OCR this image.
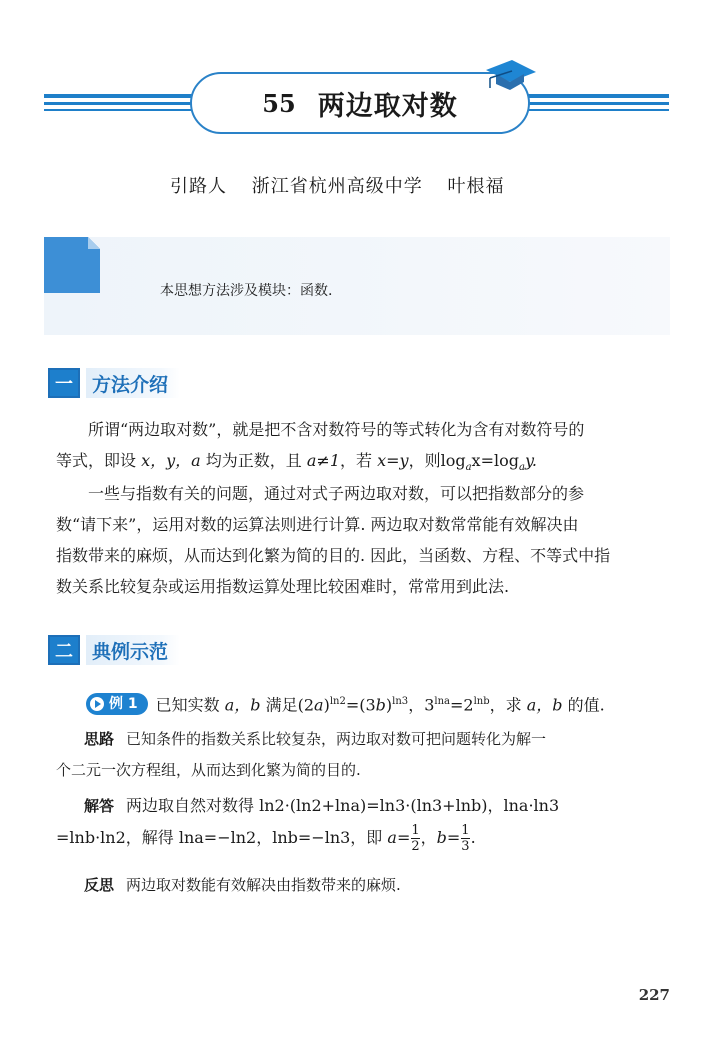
55 两边取对数
引路人 浙江省杭州高级中学 叶根福
本思想方法涉及模块：函数.
一	方法介绍
所谓“两边取对数”，就是把不含对数符号的等式转化为含有对数符号的
等式，即设 x，y，a 均为正数，且 a≠1，若 x=y，则$\log_ax=\log_ay$.
一些与指数有关的问题，通过对式子两边取对数，可以把指数部分的参
数“请下来”，运用对数的运算法则进行计算. 两边取对数常常能有效解决由
指数带来的麻烦，从而达到化繁为简的目的. 因此，当函数、方程、不等式中指
数关系比较复杂或运用指数运算处理比较困难时，常常用到此法.
二	典例示范
例 1 已知实数 a，b 满足$(2a)^{ln2}=(3b)^{ln3}$，$3^{lna}=2^{lnb}$，求 a，b 的值.
思路 已知条件的指数关系比较复杂，两边取对数可把问题转化为解一
个二元一次方程组，从而达到化繁为简的目的.
解答 两边取自然对数得 ln2·(ln2+lna)=ln3·(ln3+lnb)，lna·ln3
=lnb·ln2，解得 lna=−ln2，lnb=−ln3，即 $a= \frac{1}{2}$ ，$b= \frac{1}{3}$ .
反思 两边取对数能有效解决由指数带来的麻烦.
227
